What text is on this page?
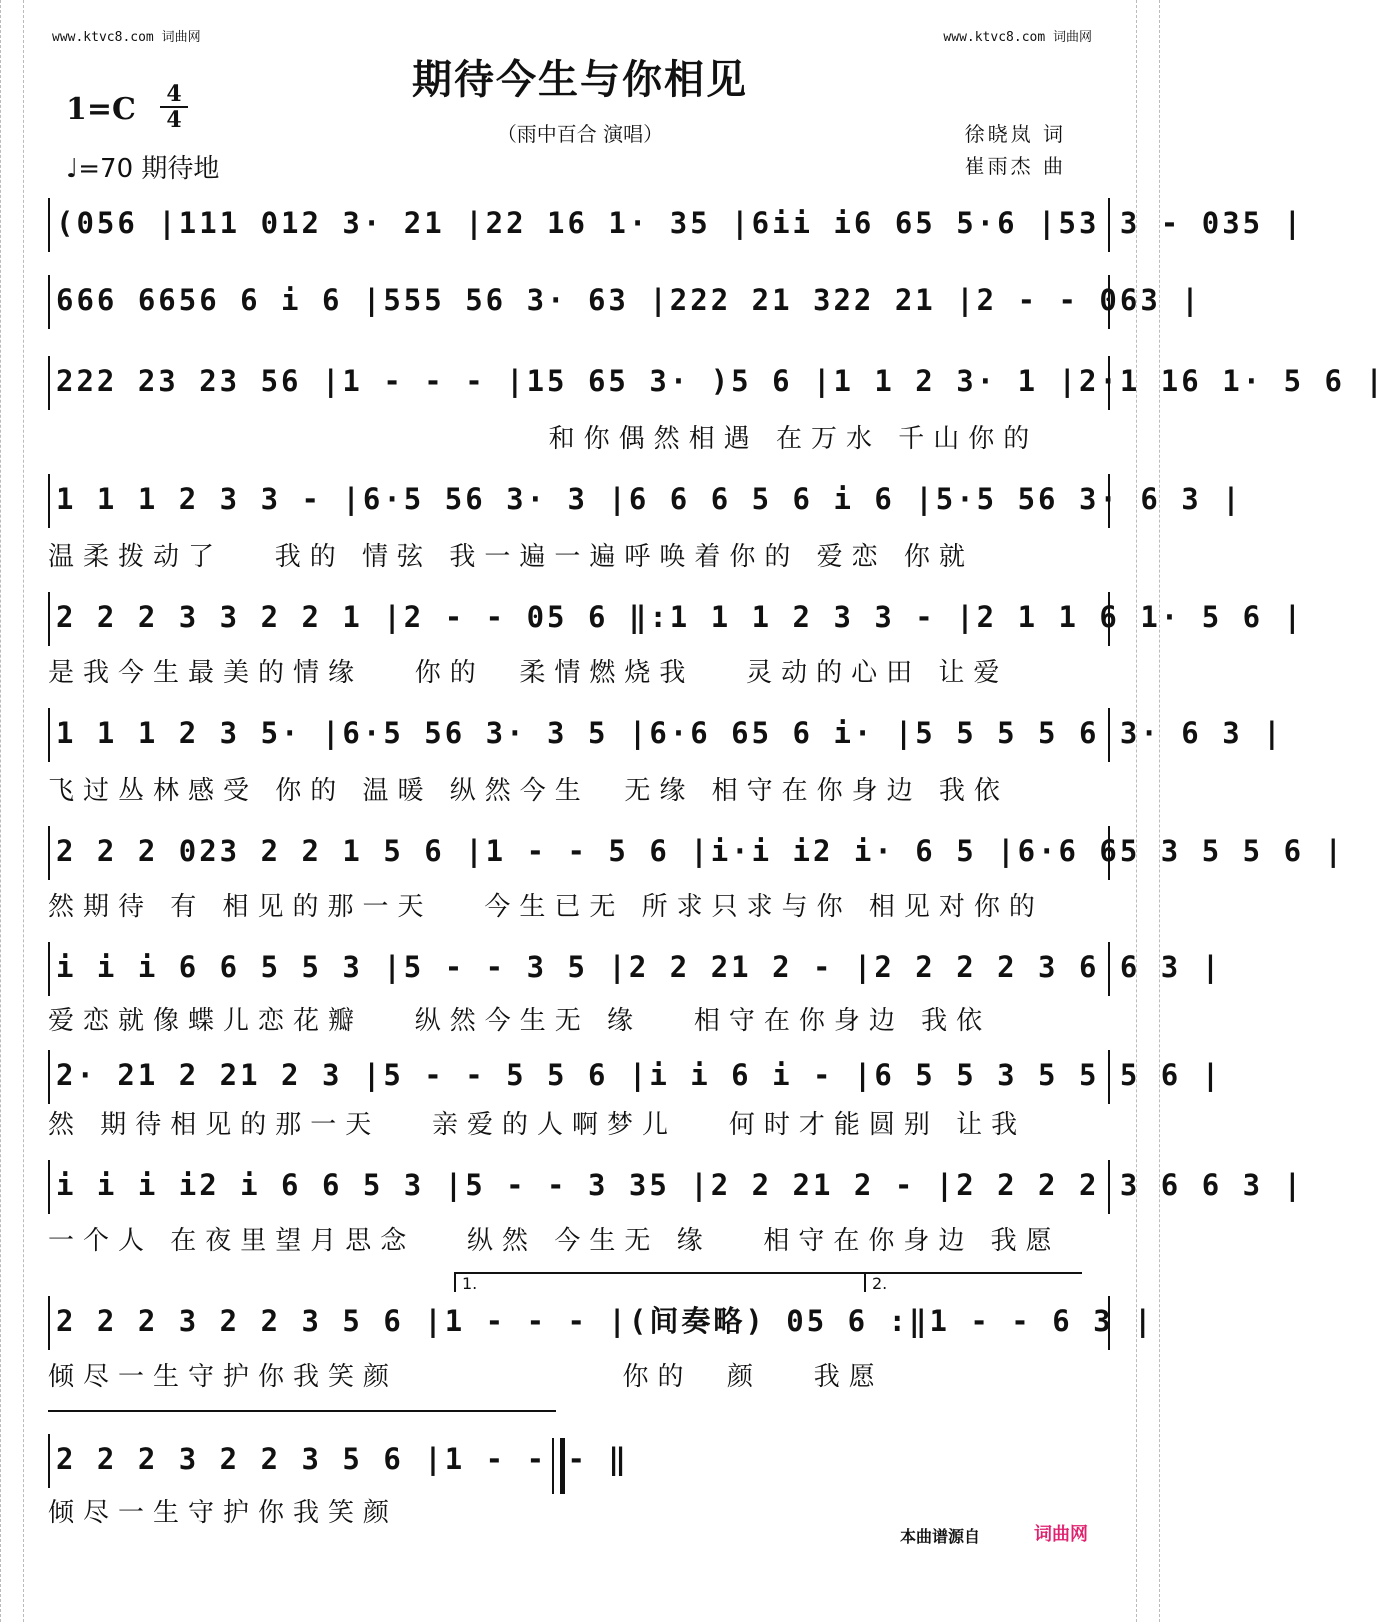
www.ktvc8.com 词曲网	www.ktvc8.com 词曲网
期待今生与你相见
（雨中百合 演唱）
1=C 4
4
♩=70 期待地
徐晓岚 词
崔雨杰 曲
(056 |111 012 3· 21 |22 16 1· 35 |6ii i6 65 5·6 |53 3 - 035 |
666 6656 6 i 6 |555 56 3· 63 |222 21 322 21 |2 - - 063 |
222 23 23 56 |1 - - - |15 65 3· )5 6 |1 1 2 3· 1 |2·1 16 1· 5 6 |
和你偶然相遇 在万水 千山你的
1 1 1 2 3 3 - |6·5 56 3· 3 |6 6 6 5 6 i 6 |5·5 56 3· 6 3 |
温柔拨动了   我的 情弦 我一遍一遍呼唤着你的 爱恋 你就
2 2 2 3 3 2 2 1 |2 - - 05 6 ‖:1 1 1 2 3 3 - |2 1 1 6 1· 5 6 |
是我今生最美的情缘   你的  柔情燃烧我   灵动的心田 让爱
1 1 1 2 3 5· |6·5 56 3· 3 5 |6·6 65 6 i· |5 5 5 5 6 3· 6 3 |
飞过丛林感受 你的 温暖 纵然今生  无缘 相守在你身边 我依
2 2 2 023 2 2 1 5 6 |1 - - 5 6 |i·i i2 i· 6 5 |6·6 65 3 5 5 6 |
然期待 有 相见的那一天   今生已无 所求只求与你 相见对你的
i i i 6 6 5 5 3 |5 - - 3 5 |2 2 21 2 - |2 2 2 2 3 6 6 3 |
爱恋就像蝶儿恋花瓣   纵然今生无 缘   相守在你身边 我依
2· 21 2 21 2 3 |5 - - 5 5 6 |i i 6 i - |6 5 5 3 5 5 5 6 |
然 期待相见的那一天   亲爱的人啊梦儿   何时才能圆别 让我
i i i i2 i 6 6 5 3 |5 - - 3 35 |2 2 21 2 - |2 2 2 2 3 6 6 3 |
一个人 在夜里望月思念   纵然 今生无 缘   相守在你身边 我愿
1.	2.
2 2 2 3 2 2 3 5 6 |1 - - - |(间奏略) 05 6 :‖1 - - 6 3 |
倾尽一生守护你我笑颜             你的  颜   我愿
2 2 2 3 2 2 3 5 6 |1 - - - ‖
倾尽一生守护你我笑颜
本曲谱源自	词曲网
